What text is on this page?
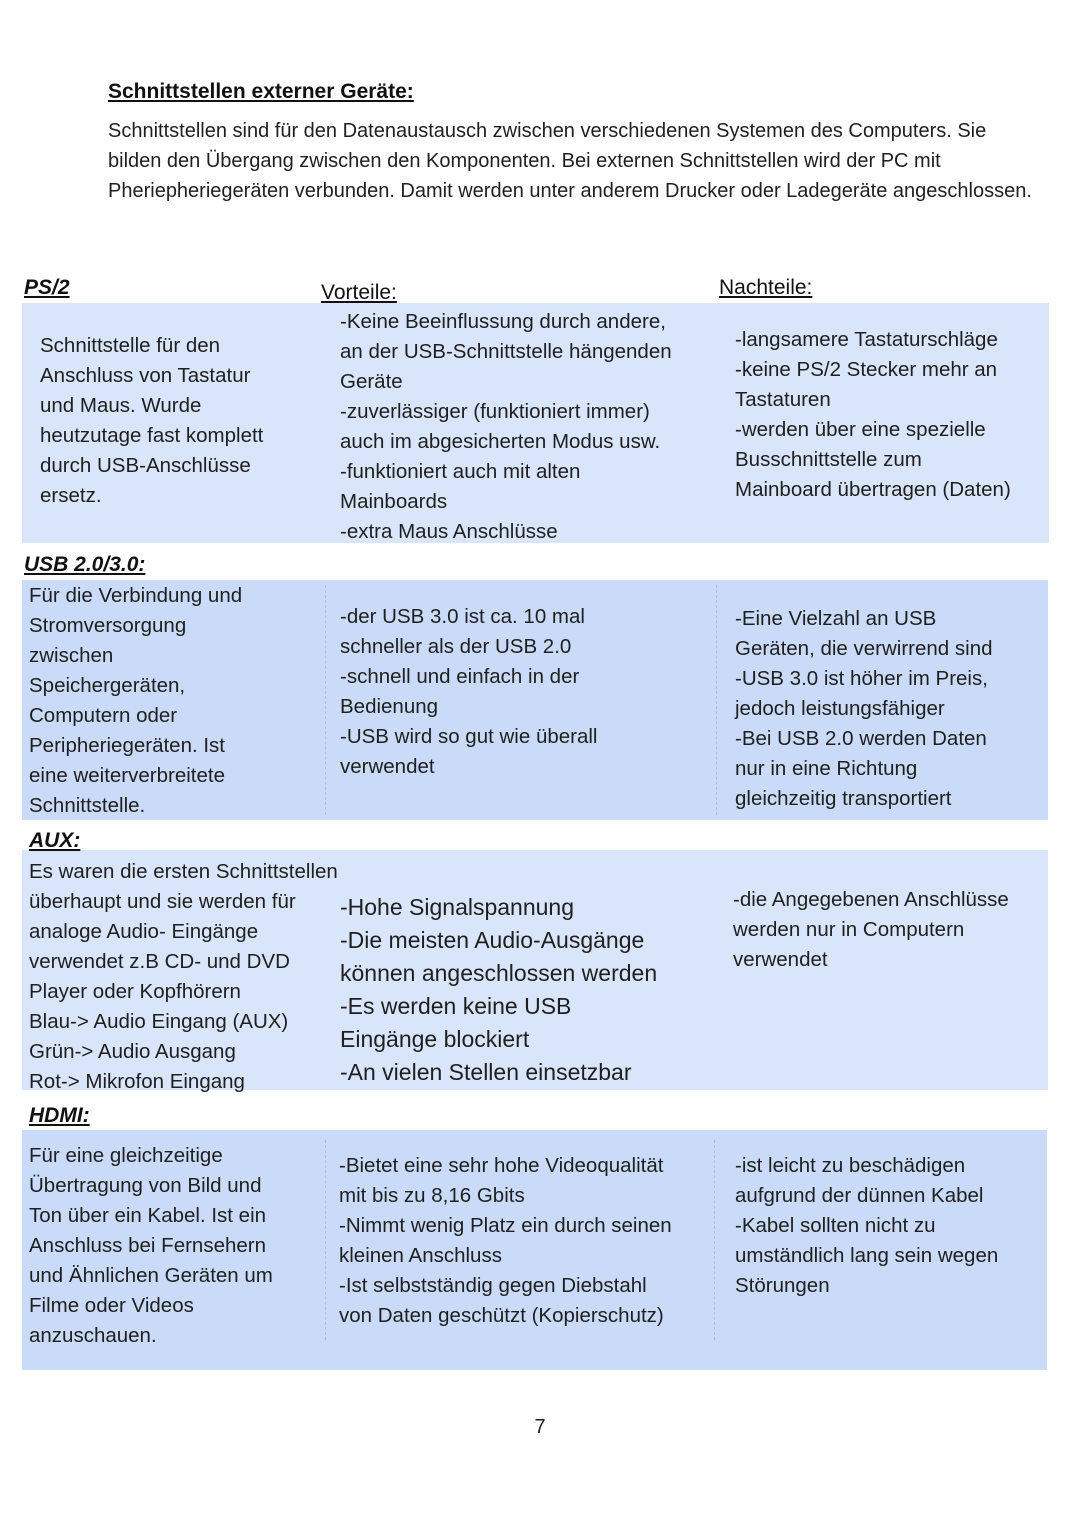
Schnittstellen externer Geräte:

Schnittstellen sind für den Datenaustausch zwischen verschiedenen Systemen des Computers. Sie bilden den Übergang zwischen den Komponenten. Bei externen Schnittstellen wird der PC mit Pheriepheriegeräten verbunden. Damit werden unter anderem Drucker oder Ladegeräte angeschlossen.

PS/2	Vorteile:	Nachteile:
USB 2.0/3.0:
AUX:
HDMI:
Schnittstelle für den
Anschluss von Tastatur
und Maus. Wurde
heutzutage fast komplett
durch USB-Anschlüsse
ersetz.
-Keine Beeinflussung durch andere,
an der USB-Schnittstelle hängenden
Geräte
-zuverlässiger (funktioniert immer)
auch im abgesicherten Modus usw.
-funktioniert auch mit alten
Mainboards
-extra Maus Anschlüsse
-langsamere Tastaturschläge
-keine PS/2 Stecker mehr an
Tastaturen
-werden über eine spezielle
Busschnittstelle zum
Mainboard übertragen (Daten)
Für die Verbindung und
Stromversorgung
zwischen
Speichergeräten,
Computern oder
Peripheriegeräten. Ist
eine weiterverbreitete
Schnittstelle.
-der USB 3.0 ist ca. 10 mal
schneller als der USB 2.0
-schnell und einfach in der
Bedienung
-USB wird so gut wie überall
verwendet
-Eine Vielzahl an USB
Geräten, die verwirrend sind
-USB 3.0 ist höher im Preis,
jedoch leistungsfähiger
-Bei USB 2.0 werden Daten
nur in eine Richtung
gleichzeitig transportiert
Es waren die ersten Schnittstellen
überhaupt und sie werden für
analoge Audio- Eingänge
verwendet z.B CD- und DVD
Player oder Kopfhörern
Blau-> Audio Eingang (AUX)
Grün-> Audio Ausgang
Rot-> Mikrofon Eingang
-Hohe Signalspannung
-Die meisten Audio-Ausgänge
können angeschlossen werden
-Es werden keine USB
Eingänge blockiert
-An vielen Stellen einsetzbar
-die Angegebenen Anschlüsse
werden nur in Computern
verwendet
Für eine gleichzeitige
Übertragung von Bild und
Ton über ein Kabel. Ist ein
Anschluss bei Fernsehern
und Ähnlichen Geräten um
Filme oder Videos
anzuschauen.
-Bietet eine sehr hohe Videoqualität
mit bis zu 8,16 Gbits
-Nimmt wenig Platz ein durch seinen
kleinen Anschluss
-Ist selbstständig gegen Diebstahl
von Daten geschützt (Kopierschutz)
-ist leicht zu beschädigen
aufgrund der dünnen Kabel
-Kabel sollten nicht zu
umständlich lang sein wegen
Störungen
7
